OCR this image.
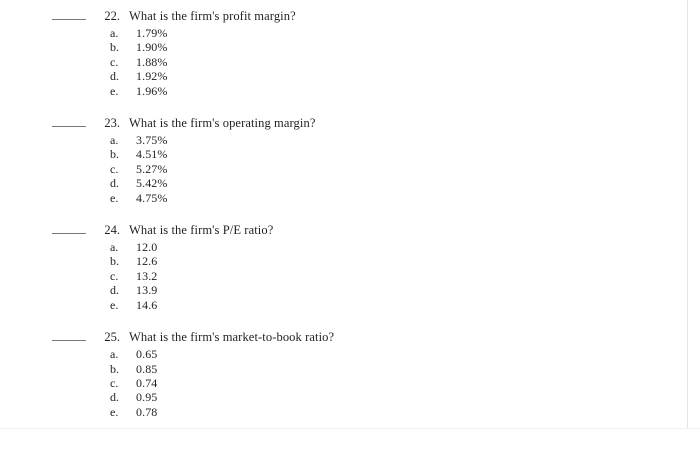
22. What is the firm's profit margin?
a.	1.79%
b. 1.90%
c.	1.88%
d. 1.92%
e.	1.96%
23. What is the firm's operating margin?
a.	3.75%
b. 4.51%
c.	5.27%
d. 5.42%
e.	4.75%
24. What is the firm's P/E ratio?
a.	12.0
b. 12.6
c.	13.2
d. 13.9
e.	14.6
25. What is the firm's market-to-book ratio?
a.	0.65
b. 0.85
c.	0.74
d. 0.95
e.	0.78
